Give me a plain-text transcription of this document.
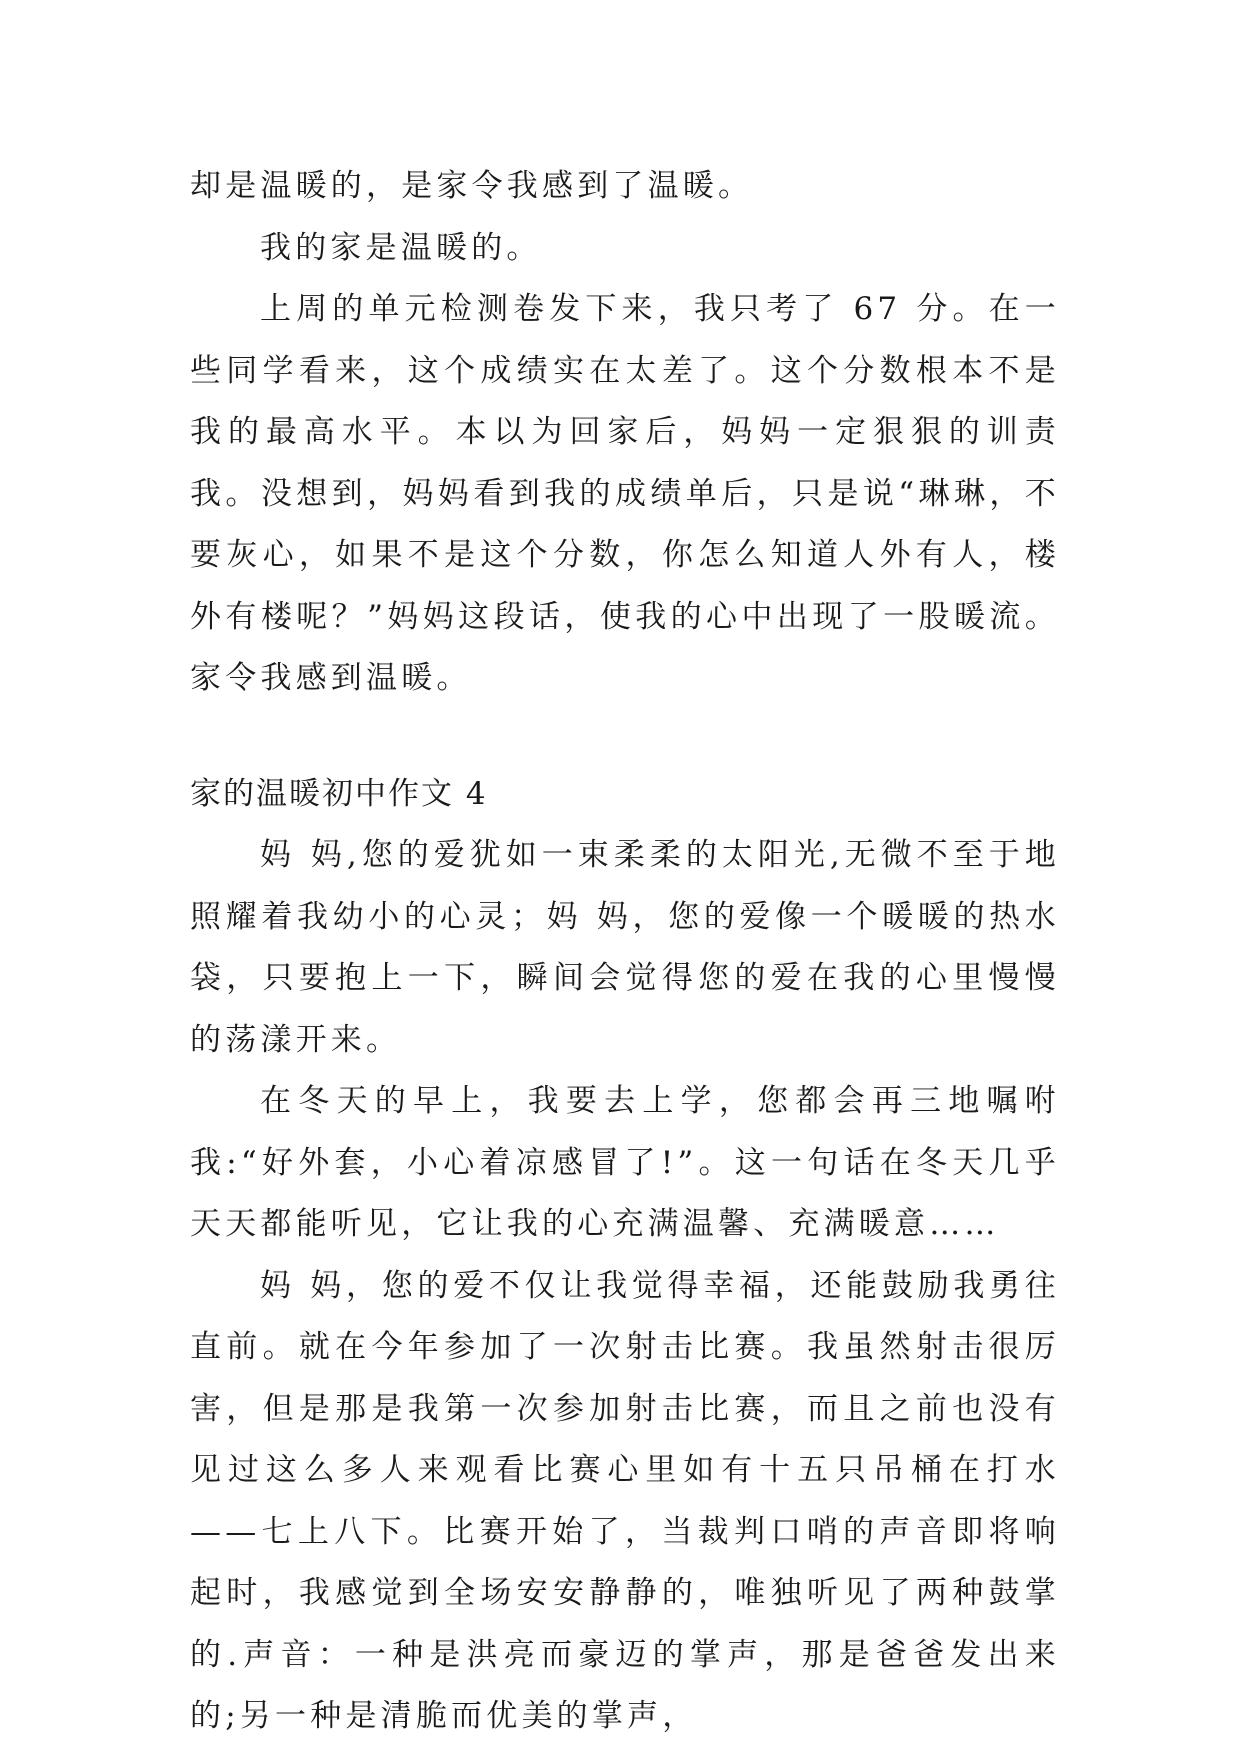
却是温暖的，是家令我感到了温暖。

我的家是温暖的。

上周的单元检测卷发下来，我只考了 67 分。在一些同学看来，这个成绩实在太差了。这个分数根本不是我的最高水平。本以为回家后，妈妈一定狠狠的训责我。没想到，妈妈看到我的成绩单后，只是说“琳琳，不要灰心，如果不是这个分数，你怎么知道人外有人，楼外有楼呢？”妈妈这段话，使我的心中出现了一股暖流。家令我感到温暖。

家的温暖初中作文 4

妈 妈,您的爱犹如一束柔柔的太阳光,无微不至于地照耀着我幼小的心灵；妈 妈，您的爱像一个暖暖的热水袋，只要抱上一下，瞬间会觉得您的爱在我的心里慢慢的荡漾开来。

在冬天的早上，我要去上学，您都会再三地嘱咐我:“好外套，小心着凉感冒了!”。这一句话在冬天几乎天天都能听见，它让我的心充满温馨、充满暖意……

妈 妈，您的爱不仅让我觉得幸福，还能鼓励我勇往直前。就在今年参加了一次射击比赛。我虽然射击很厉害，但是那是我第一次参加射击比赛，而且之前也没有见过这么多人来观看比赛心里如有十五只吊桶在打水——七上八下。比赛开始了，当裁判口哨的声音即将响起时，我感觉到全场安安静静的，唯独听见了两种鼓掌的.声音：一种是洪亮而豪迈的掌声，那是爸爸发出来的;另一种是清脆而优美的掌声，
